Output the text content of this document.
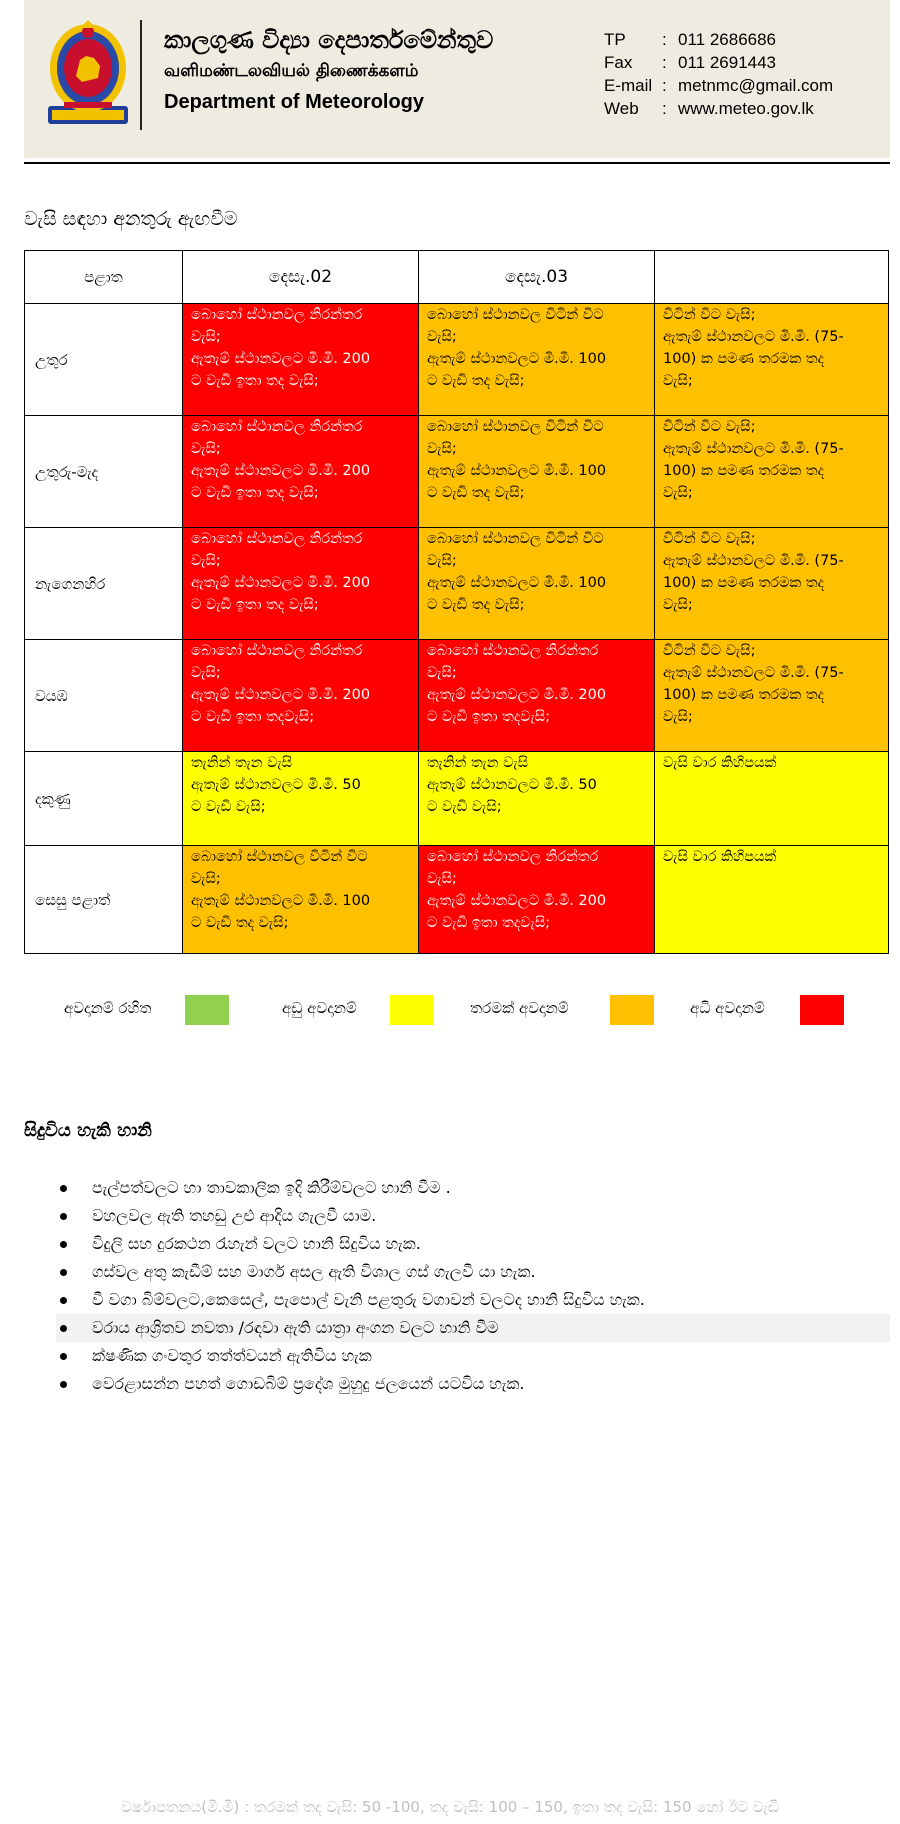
කාලගුණ විද්‍යා දෙපාර්තමේන්තුව
வளிமண்டலவியல் திணைக்களம்
Department of Meteorology
TP : 011 2686686
Fax : 011 2691443
E-mail : metnmc@gmail.com
Web : www.meteo.gov.lk
වැසි සඳහා අනතුරු ඇඟවීම
පළාත	දෙසැ.02	දෙසැ.03	
උතුර	බොහෝ ස්ථානවල නිරන්තර
වැසි;
ඇතැම් ස්ථානවලට මි.මී. 200
ට වැඩි ඉතා තද වැසි;	බොහෝ ස්ථානවල විටින් විට
වැසි;
ඇතැම් ස්ථානවලට මි.මී. 100
ට වැඩි තද වැසි;	විටින් විට වැසි;
ඇතැම් ස්ථානවලට මි.මී. (75-
100) ක පමණ තරමක තද
වැසි;

උතුරු-මැද	බොහෝ ස්ථානවල නිරන්තර
වැසි;
ඇතැම් ස්ථානවලට මි.මී. 200
ට වැඩි ඉතා තද වැසි;	බොහෝ ස්ථානවල විටින් විට
වැසි;
ඇතැම් ස්ථානවලට මි.මී. 100
ට වැඩි තද වැසි;	විටින් විට වැසි;
ඇතැම් ස්ථානවලට මි.මී. (75-
100) ක පමණ තරමක තද
වැසි;

නැගෙනහිර	බොහෝ ස්ථානවල නිරන්තර
වැසි;
ඇතැම් ස්ථානවලට මි.මී. 200
ට වැඩි ඉතා තද වැසි;	බොහෝ ස්ථානවල විටින් විට
වැසි;
ඇතැම් ස්ථානවලට මි.මී. 100
ට වැඩි තද වැසි;	විටින් විට වැසි;
ඇතැම් ස්ථානවලට මි.මී. (75-
100) ක පමණ තරමක තද
වැසි;

වයඹ	බොහෝ ස්ථානවල නිරන්තර
වැසි;
ඇතැම් ස්ථානවලට මි.මී. 200
ට වැඩි ඉතා තදවැසි;	බොහෝ ස්ථානවල නිරන්තර
වැසි;
ඇතැම් ස්ථානවලට මි.මී. 200
ට වැඩි ඉතා තදවැසි;	විටින් විට වැසි;
ඇතැම් ස්ථානවලට මි.මී. (75-
100) ක පමණ තරමක තද
වැසි;

දකුණු	තැනින් තැන වැසි
ඇතැම් ස්ථානවලට මි.මී. 50
ට වැඩි වැසි;	තැනින් තැන වැසි
ඇතැම් ස්ථානවලට මි.මී. 50
ට වැඩි වැසි;	වැසි වාර කිහිපයක්

සෙසු පළාත්	බොහෝ ස්ථානවල විටින් විට
වැසි;
ඇතැම් ස්ථානවලට මි.මී. 100
ට වැඩි තද වැසි;	බොහෝ ස්ථානවල නිරන්තර
වැසි;
ඇතැම් ස්ථානවලට මි.මී. 200
ට වැඩි ඉතා තදවැසි;	වැසි වාර කිහිපයක්
අවදානම් රහිත	අඩු අවදානම්	තරමක් අවදානම්	අධි අවදානම්
සිදුවිය හැකි හානි
පැල්පත්වලට හා තාවකාලික ඉදි කිරීම්වලට හානි වීම .
වහලවල ඇති තහඩු උළු ආදිය ගැලවී යාම.
විදුලි සහ දුරකථන රැහැන් වලට හානි සිදුවිය හැක.
ගස්වල අතු කැඩීම් සහ මාර්ග අසල ඇති විශාල ගස් ගැලවී යා හැක.
වී වගා බිම්වලට,කෙසෙල්, පැපොල් වැනි පළතුරු වගාවන් වලටද හානි සිදුවිය හැක.
වරාය ආශ්‍රිතව නවතා /රඳවා ඇති යාත්‍රා අංගන වලට හානි වීම
ක්ෂණික ගංවතුර තත්ත්වයන් ඇතිවිය හැක
වෙරළාසන්න පහත් ගොඩබිම් ප්‍රදේශ මුහුදු ජලයෙන් යටවිය හැක.
වර්ෂාපතනය(මි.මී) : තරමක් තද වැසි: 50 -100, තද වැසි: 100 – 150, ඉතා තද වැසි: 150 හෝ ඊට වැඩි
